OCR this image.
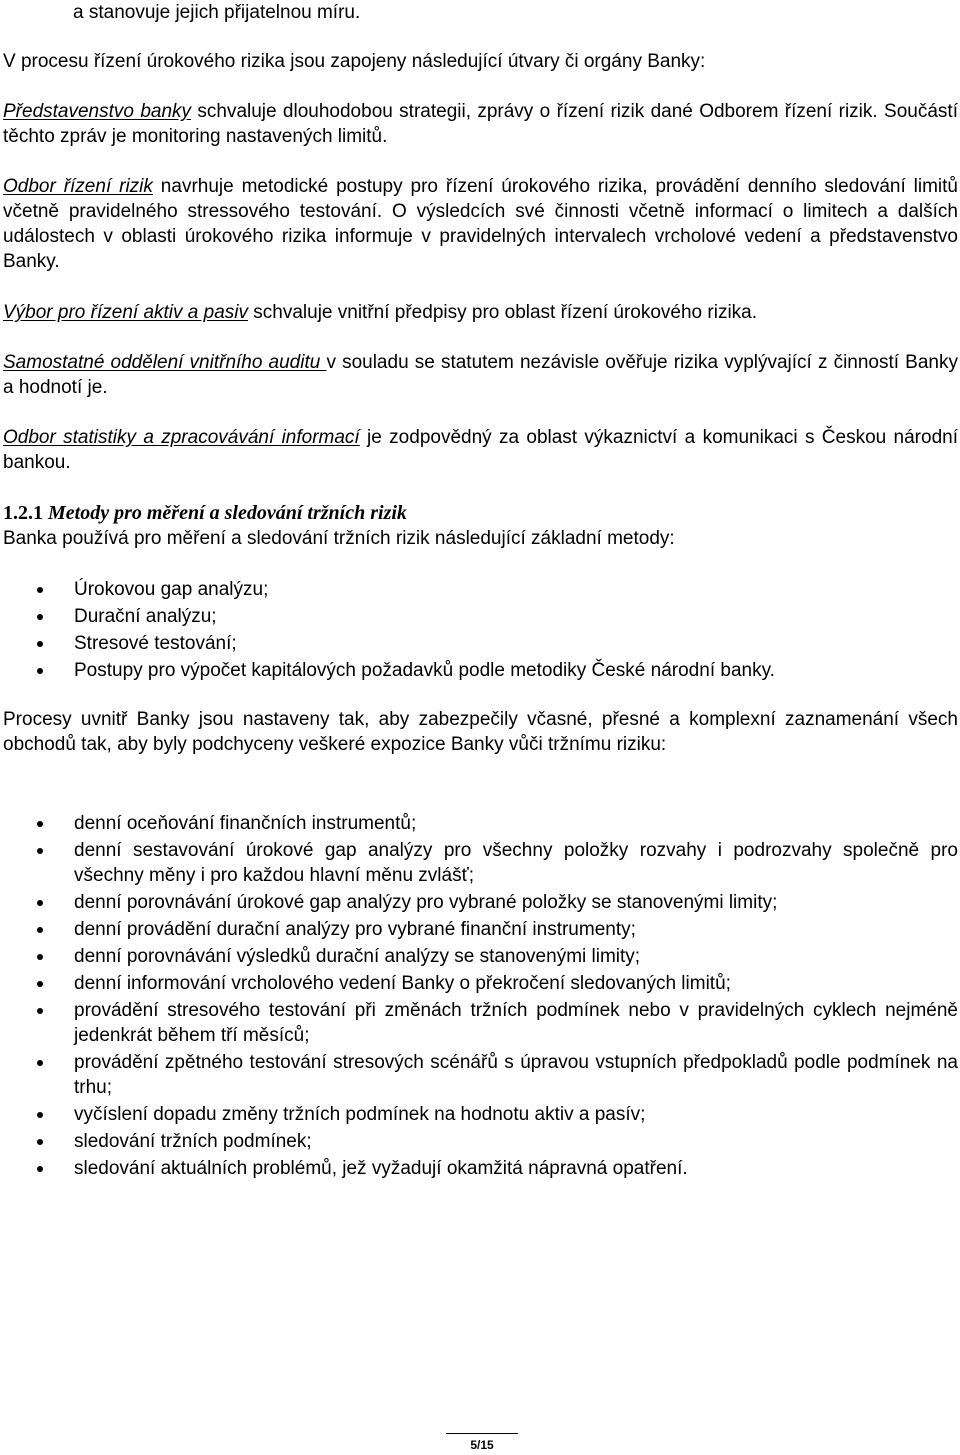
a stanovuje jejich přijatelnou míru.

V procesu řízení úrokového rizika jsou zapojeny následující útvary či orgány Banky:

Představenstvo banky schvaluje dlouhodobou strategii, zprávy o řízení rizik dané Odborem řízení rizik. Součástí těchto zpráv je monitoring nastavených limitů.

Odbor řízení rizik navrhuje metodické postupy pro řízení úrokového rizika, provádění denního sledování limitů včetně pravidelného stressového testování. O výsledcích své činnosti včetně informací o limitech a dalších událostech v oblasti úrokového rizika informuje v pravidelných intervalech vrcholové vedení a představenstvo Banky.

Výbor pro řízení aktiv a pasiv schvaluje vnitřní předpisy pro oblast řízení úrokového rizika.

Samostatné oddělení vnitřního auditu v souladu se statutem nezávisle ověřuje rizika vyplývající z činností Banky a hodnotí je.

Odbor statistiky a zpracovávání informací je zodpovědný za oblast výkaznictví a komunikaci s Českou národní bankou.

1.2.1 Metody pro měření a sledování tržních rizik

Banka používá pro měření a sledování tržních rizik následující základní metody:

Úrokovou gap analýzu;
Durační analýzu;
Stresové testování;
Postupy pro výpočet kapitálových požadavků podle metodiky České národní banky.

Procesy uvnitř Banky jsou nastaveny tak, aby zabezpečily včasné, přesné a komplexní zaznamenání všech obchodů tak, aby byly podchyceny veškeré expozice Banky vůči tržnímu riziku:

denní oceňování finančních instrumentů;
denní sestavování úrokové gap analýzy pro všechny položky rozvahy i podrozvahy společně pro všechny měny i pro každou hlavní měnu zvlášť;
denní porovnávání úrokové gap analýzy pro vybrané položky se stanovenými limity;
denní provádění durační analýzy pro vybrané finanční instrumenty;
denní porovnávání výsledků durační analýzy se stanovenými limity;
denní informování vrcholového vedení Banky o překročení sledovaných limitů;
provádění stresového testování při změnách tržních podmínek nebo v pravidelných cyklech nejméně jedenkrát během tří měsíců;
provádění zpětného testování stresových scénářů s úpravou vstupních předpokladů podle podmínek na trhu;
vyčíslení dopadu změny tržních podmínek na hodnotu aktiv a pasív;
sledování tržních podmínek;
sledování aktuálních problémů, jež vyžadují okamžitá nápravná opatření.
5/15
